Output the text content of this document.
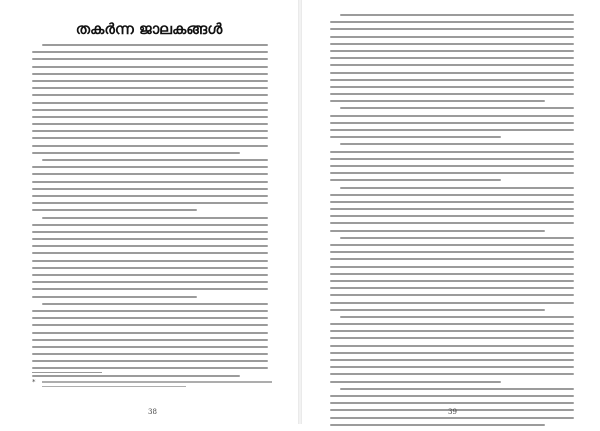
തകർന്ന ജാലകങ്ങൾ
*
38	39
